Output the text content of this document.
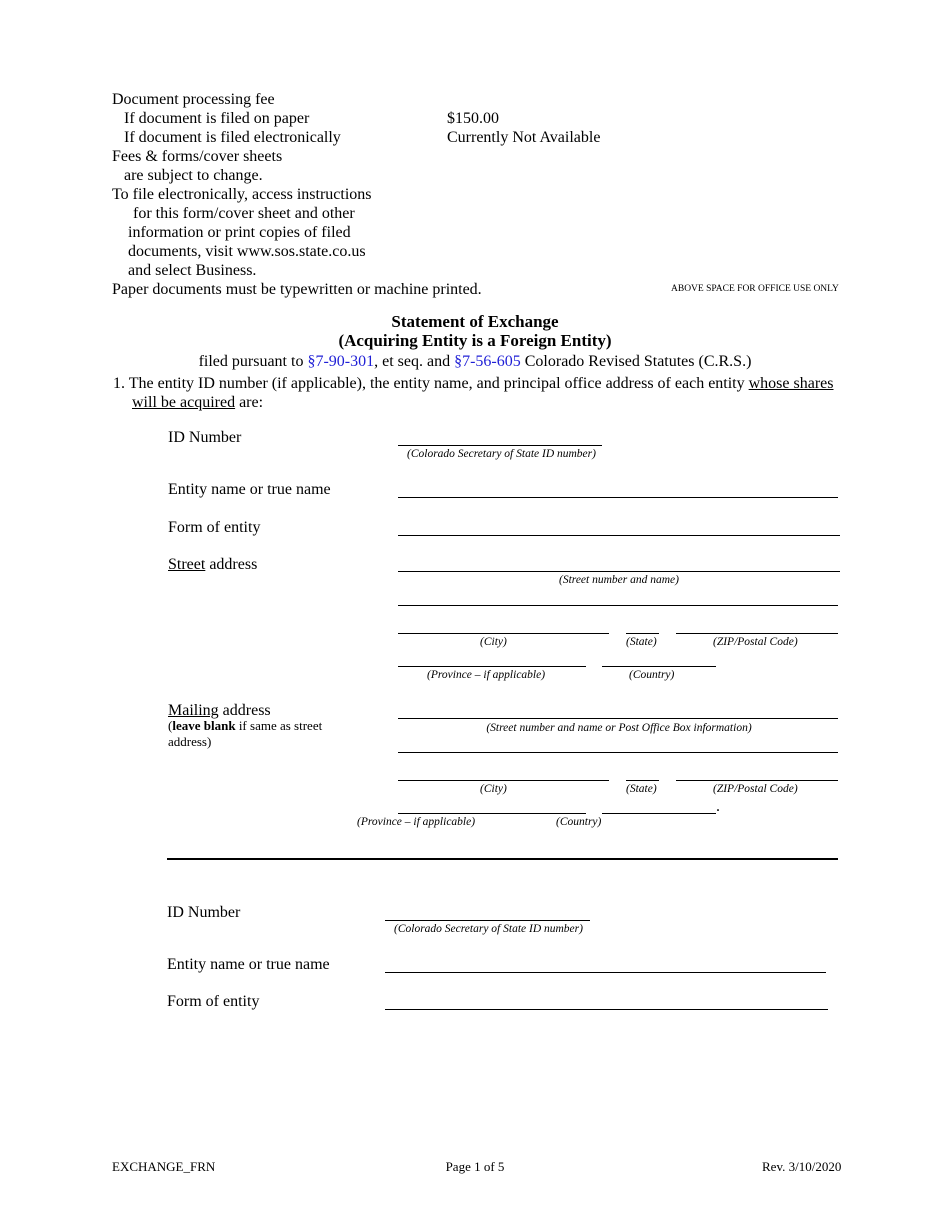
Document processing fee
If document is filed on paper	$150.00
If document is filed electronically	Currently Not Available
Fees & forms/cover sheets
are subject to change.
To file electronically, access instructions
for this form/cover sheet and other
information or print copies of filed
documents, visit www.sos.state.co.us
and select Business.
Paper documents must be typewritten or machine printed.	ABOVE SPACE FOR OFFICE USE ONLY
Statement of Exchange
(Acquiring Entity is a Foreign Entity)
filed pursuant to §7-90-301, et seq. and §7-56-605 Colorado Revised Statutes (C.R.S.)
1. The entity ID number (if applicable), the entity name, and principal office address of each entity whose shares
will be acquired are:
ID Number
(Colorado Secretary of State ID number)
Entity name or true name
Form of entity
Street address
(Street number and name)
(City)	(State)	(ZIP/Postal Code)
(Province – if applicable)	(Country)
Mailing address
(leave blank if same as street
address)
(Street number and name or Post Office Box information)
(City)	(State)	(ZIP/Postal Code)
.
(Province – if applicable)	(Country)
ID Number
(Colorado Secretary of State ID number)
Entity name or true name
Form of entity
EXCHANGE_FRN	Page 1 of 5	Rev. 3/10/2020
